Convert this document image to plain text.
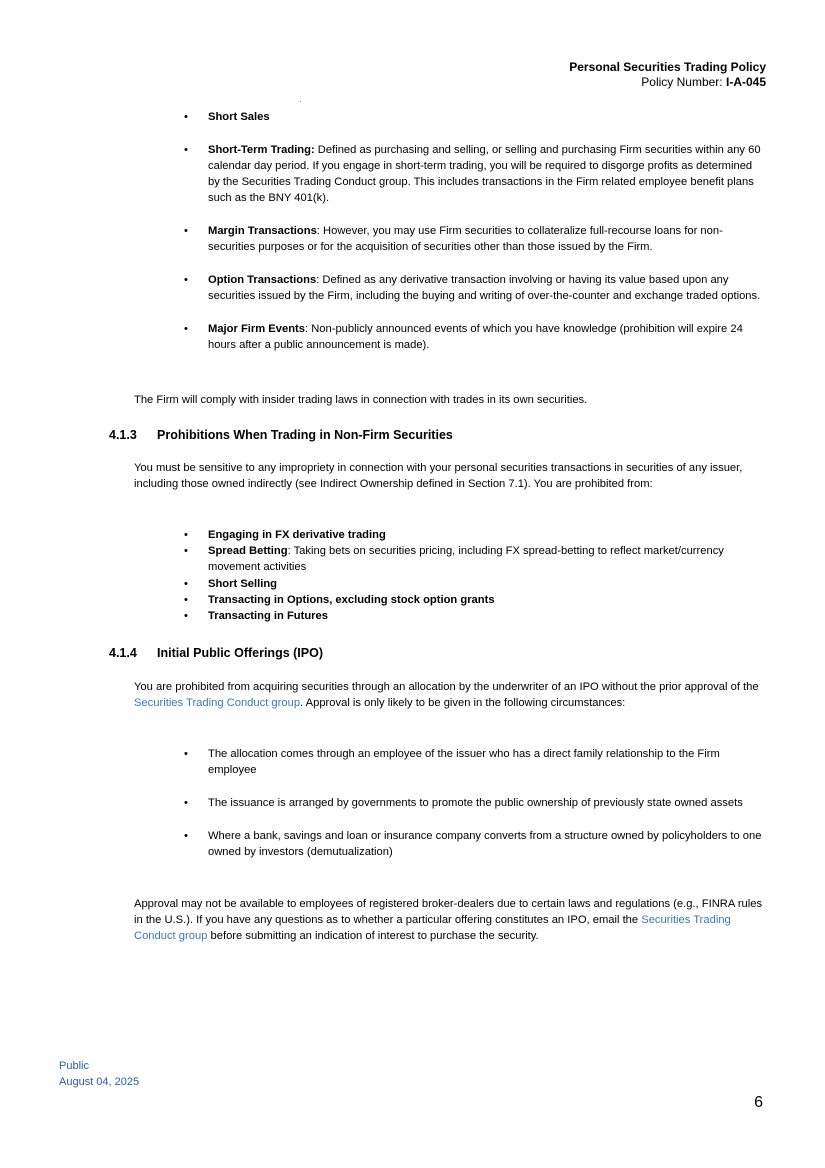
Personal Securities Trading Policy
Policy Number: I-A-045
• Short Sales
• Short-Term Trading: Defined as purchasing and selling, or selling and purchasing Firm securities within any 60 calendar day period. If you engage in short-term trading, you will be required to disgorge profits as determined by the Securities Trading Conduct group. This includes transactions in the Firm related employee benefit plans such as the BNY 401(k).
• Margin Transactions: However, you may use Firm securities to collateralize full-recourse loans for non-securities purposes or for the acquisition of securities other than those issued by the Firm.
• Option Transactions: Defined as any derivative transaction involving or having its value based upon any securities issued by the Firm, including the buying and writing of over-the-counter and exchange traded options.
• Major Firm Events: Non-publicly announced events of which you have knowledge (prohibition will expire 24 hours after a public announcement is made).

The Firm will comply with insider trading laws in connection with trades in its own securities.

4.1.3 Prohibitions When Trading in Non-Firm Securities

You must be sensitive to any impropriety in connection with your personal securities transactions in securities of any issuer, including those owned indirectly (see Indirect Ownership defined in Section 7.1). You are prohibited from:

• Engaging in FX derivative trading
• Spread Betting: Taking bets on securities pricing, including FX spread-betting to reflect market/currency movement activities
• Short Selling
• Transacting in Options, excluding stock option grants
• Transacting in Futures
4.1.4 Initial Public Offerings (IPO)

You are prohibited from acquiring securities through an allocation by the underwriter of an IPO without the prior approval of the Securities Trading Conduct group. Approval is only likely to be given in the following circumstances:

• The allocation comes through an employee of the issuer who has a direct family relationship to the Firm employee
• The issuance is arranged by governments to promote the public ownership of previously state owned assets
• Where a bank, savings and loan or insurance company converts from a structure owned by policyholders to one owned by investors (demutualization)

Approval may not be available to employees of registered broker-dealers due to certain laws and regulations (e.g., FINRA rules in the U.S.). If you have any questions as to whether a particular offering constitutes an IPO, email the Securities Trading Conduct group before submitting an indication of interest to purchase the security.

Public
August 04, 2025
6
